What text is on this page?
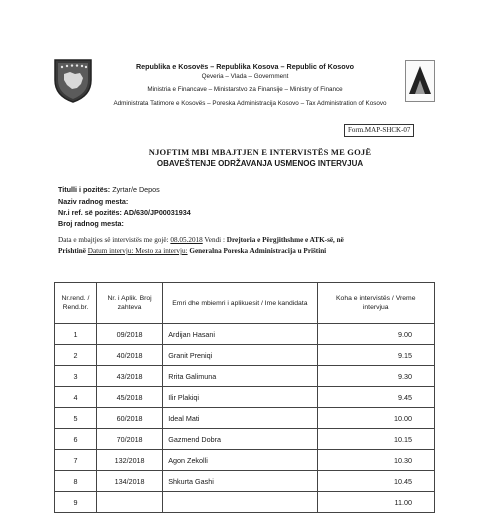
Republika e Kosovës – Republika Kosova – Republic of Kosovo
Qeveria – Vlada – Government
Ministria e Financave – Ministarstvo za Finansije – Ministry of Finance
Administrata Tatimore e Kosovës – Poreska Administracija Kosovo – Tax Administration of Kosovo
Form.MAP-SHCK-07
NJOFTIM MBI MBAJTJEN E INTERVISTËS ME GOJË
OBAVEŠTENJE ODRŽAVANJA USMENOG INTERVJUA
Titulli i pozitës: Zyrtar/e Depos
Naziv radnog mesta:
Nr.i ref. së pozitës: AD/630/JP00031934
Broj radnog mesta:
Data e mbajtjes së intervistës me gojë: 08.05.2018 Vendi : Drejtoria e Përgjithshme e ATK-së, në
Prishtinë Datum intervju: Mesto za intervju: Generalna Poreska Administracija u Prištini
Nr.rend. / Rend.br.	Nr. i Aplik. Broj zahteva	Emri dhe mbiemri i aplikuesit / Ime kandidata	Koha e intervistës / Vreme intervjua
1	09/2018	Ardijan Hasani	9.00
2	40/2018	Granit Preniqi	9.15
3	43/2018	Rrita Galimuna	9.30
4	45/2018	Ilir Plakiqi	9.45
5	60/2018	Ideal Mati	10.00
6	70/2018	Gazmend Dobra	10.15
7	132/2018	Agon Zekolli	10.30
8	134/2018	Shkurta Gashi	10.45
9			11.00
